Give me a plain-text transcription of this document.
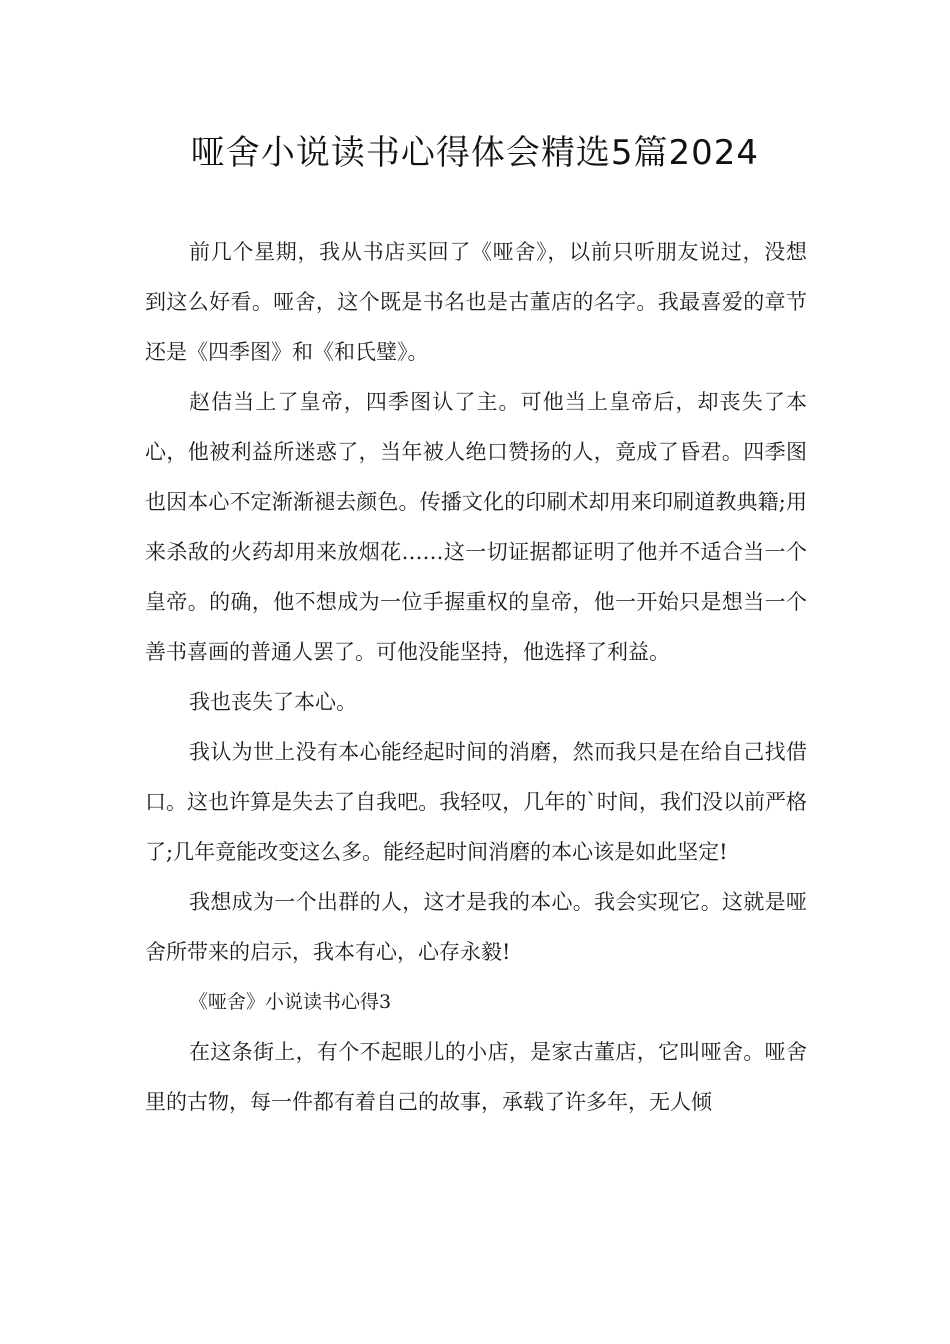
哑舍小说读书心得体会精选5篇2024

前几个星期，我从书店买回了《哑舍》，以前只听朋友说过，没想到这么好看。哑舍，这个既是书名也是古董店的名字。我最喜爱的章节还是《四季图》和《和氏璧》。

赵佶当上了皇帝，四季图认了主。可他当上皇帝后，却丧失了本心，他被利益所迷惑了，当年被人绝口赞扬的人，竟成了昏君。四季图也因本心不定渐渐褪去颜色。传播文化的印刷术却用来印刷道教典籍;用来杀敌的火药却用来放烟花……这一切证据都证明了他并不适合当一个皇帝。的确，他不想成为一位手握重权的皇帝，他一开始只是想当一个善书喜画的普通人罢了。可他没能坚持，他选择了利益。

我也丧失了本心。

我认为世上没有本心能经起时间的消磨，然而我只是在给自己找借口。这也许算是失去了自我吧。我轻叹，几年的`时间，我们没以前严格了;几年竟能改变这么多。能经起时间消磨的本心该是如此坚定!

我想成为一个出群的人，这才是我的本心。我会实现它。这就是哑舍所带来的启示，我本有心，心存永毅!

《哑舍》小说读书心得3

在这条街上，有个不起眼儿的小店，是家古董店，它叫哑舍。哑舍里的古物，每一件都有着自己的故事，承载了许多年，无人倾
